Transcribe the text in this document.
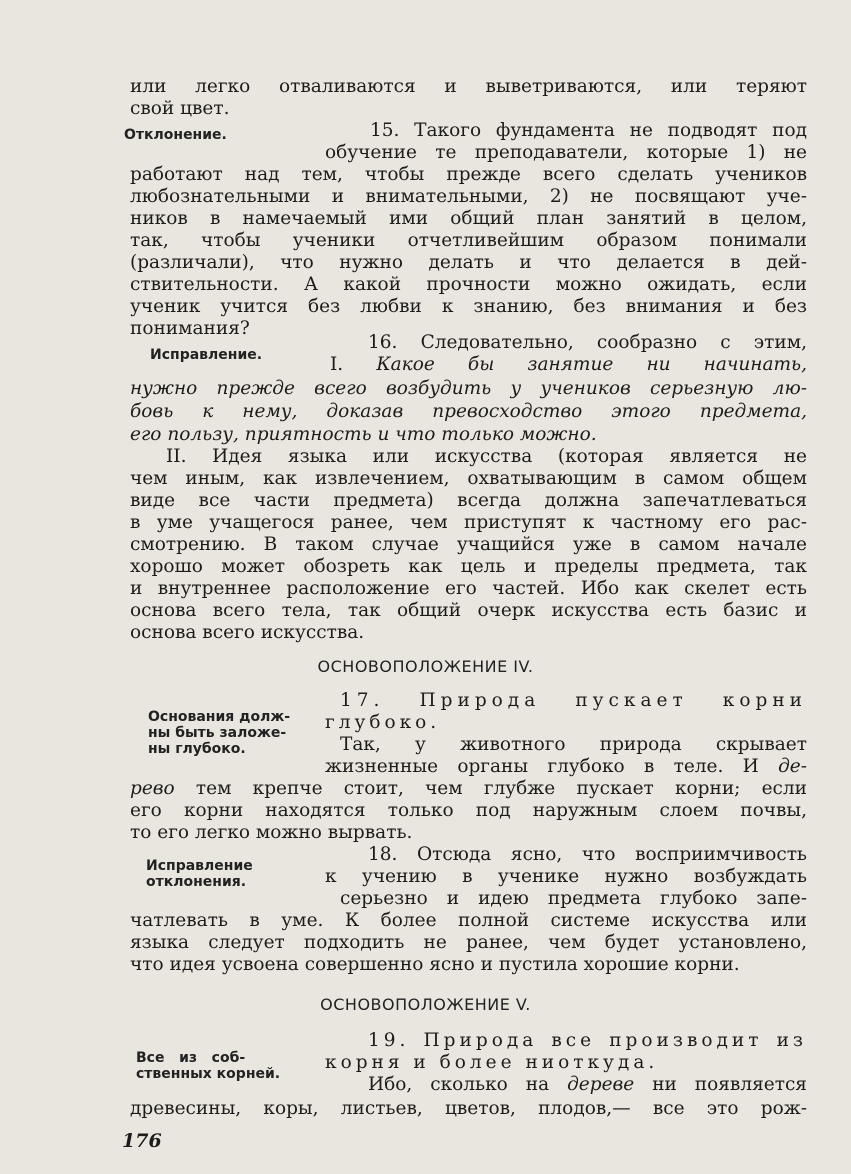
или легко отваливаются и выветриваются, или теряют
свой цвет.
Отклонение.	15. Такого фундамента не подводят под
обучение те преподаватели, которые 1) не
работают над тем, чтобы прежде всего сделать учеников
любознательными и внимательными, 2) не посвящают уче-
ников в намечаемый ими общий план занятий в целом,
так, чтобы ученики отчетливейшим образом понимали
(различали), что нужно делать и что делается в дей-
ствительности. А какой прочности можно ожидать, если
ученик учится без любви к знанию, без внимания и без
понимания?
Исправление.
16. Следовательно, сообразно с этим,
I. Какое бы занятие ни начинать,
нужно прежде всего возбудить у учеников серьезную лю-
бовь к нему, доказав превосходство этого предмета,
его пользу, приятность и что только можно.
II. Идея языка или искусства (которая является не
чем иным, как извлечением, охватывающим в самом общем
виде все части предмета) всегда должна запечатлеваться
в уме учащегося ранее, чем приступят к частному его рас-
смотрению. В таком случае учащийся уже в самом начале
хорошо может обозреть как цель и пределы предмета, так
и внутреннее расположение его частей. Ибо как скелет есть
основа всего тела, так общий очерк искусства есть базис и
основа всего искусства.
ОСНОВОПОЛОЖЕНИЕ IV.
Основания долж-
ны быть заложе-
ны глубоко.
17. Природа пускает корни
глубоко.
Так, у животного природа скрывает
жизненные органы глубоко в теле. И де-
рево тем крепче стоит, чем глубже пускает корни; если
его корни находятся только под наружным слоем почвы,
то его легко можно вырвать.
Исправление
отклонения.
18. Отсюда ясно, что восприимчивость
к учению в ученике нужно возбуждать
серьезно и идею предмета глубоко запе-
чатлевать в уме. К более полной системе искусства или
языка следует подходить не ранее, чем будет установлено,
что идея усвоена совершенно ясно и пустила хорошие корни.
ОСНОВОПОЛОЖЕНИЕ V.
Все   из   соб-
ственных корней.
19. Природа все производит из
корня и более ниоткуда.
Ибо, сколько на дереве ни появляется
древесины, коры, листьев, цветов, плодов,— все это рож-
176
